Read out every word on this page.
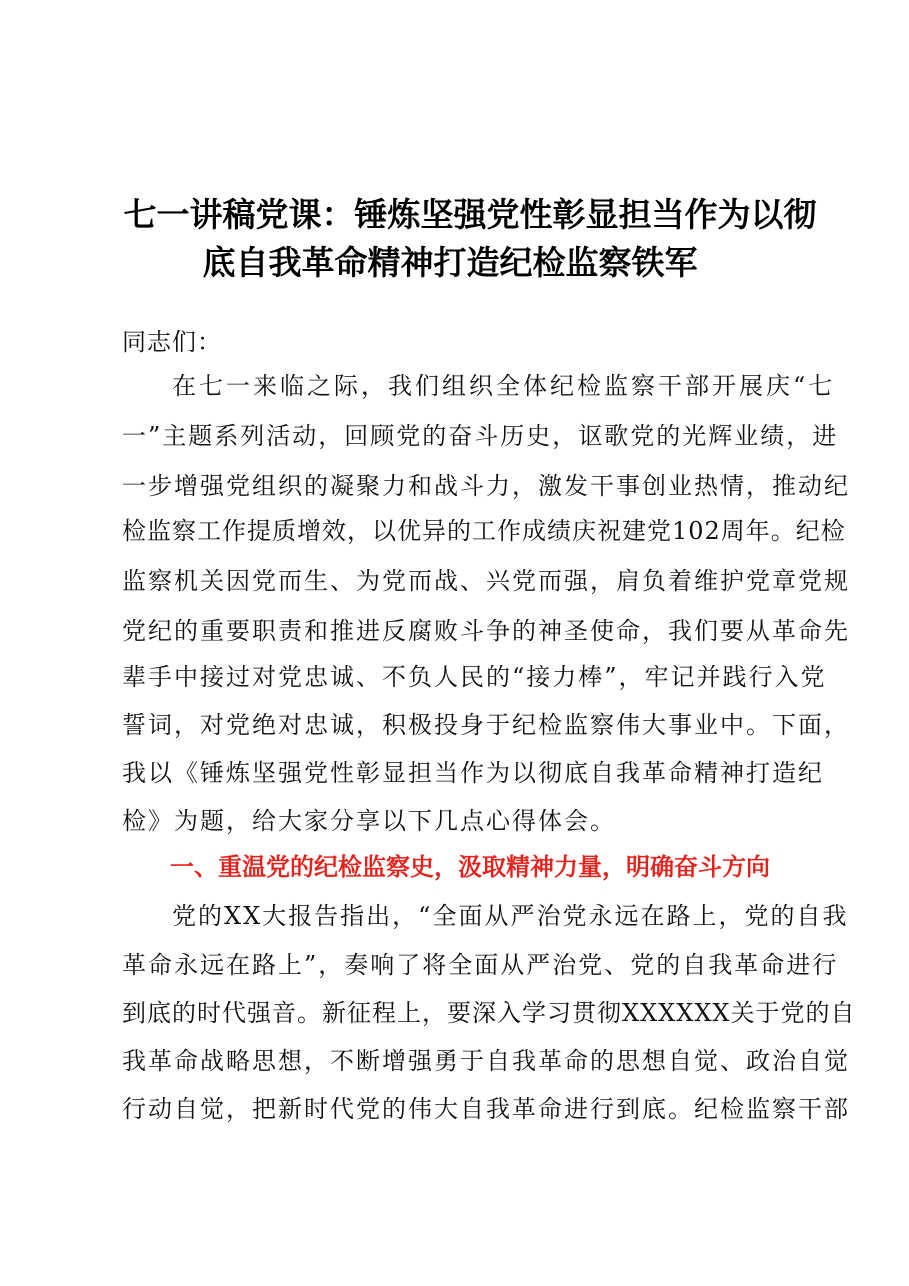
七一讲稿党课：锤炼坚强党性彰显担当作为以彻
底自我革命精神打造纪检监察铁军
同志们：
在七一来临之际，我们组织全体纪检监察干部开展庆“七
一”主题系列活动，回顾党的奋斗历史，讴歌党的光辉业绩，进
一步增强党组织的凝聚力和战斗力，激发干事创业热情，推动纪
检监察工作提质增效，以优异的工作成绩庆祝建党102周年。纪检
监察机关因党而生、为党而战、兴党而强，肩负着维护党章党规
党纪的重要职责和推进反腐败斗争的神圣使命，我们要从革命先
辈手中接过对党忠诚、不负人民的“接力棒”，牢记并践行入党
誓词，对党绝对忠诚，积极投身于纪检监察伟大事业中。下面，
我以《锤炼坚强党性彰显担当作为以彻底自我革命精神打造纪
检》为题，给大家分享以下几点心得体会。
一、重温党的纪检监察史，汲取精神力量，明确奋斗方向
党的XX大报告指出，“全面从严治党永远在路上，党的自我
革命永远在路上”，奏响了将全面从严治党、党的自我革命进行
到底的时代强音。新征程上，要深入学习贯彻XXXXXX关于党的自
我革命战略思想，不断增强勇于自我革命的思想自觉、政治自觉
行动自觉，把新时代党的伟大自我革命进行到底。纪检监察干部
